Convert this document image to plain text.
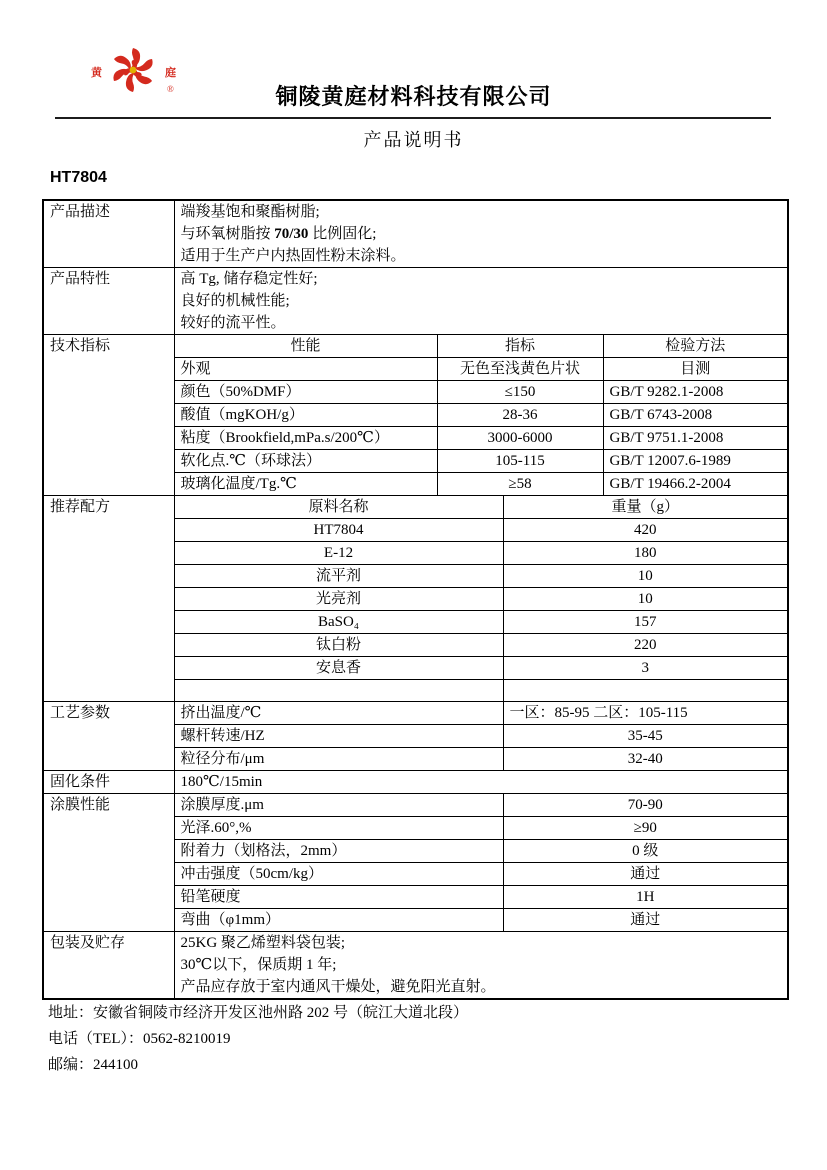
黄	庭
®	铜陵黄庭材料科技有限公司
产品说明书
HT7804
产品描述	端羧基饱和聚酯树脂;
与环氧树脂按 70/30 比例固化;
适用于生产户内热固性粉末涂料。			

产品特性	高 Tg, 储存稳定性好;
良好的机械性能;
较好的流平性。			

技术指标	性能	指标		检验方法
	外观	无色至浅黄色片状		目测
	颜色（50%DMF）	≤150		GB/T 9282.1-2008
	酸值（mgKOH/g）	28-36		GB/T 6743-2008
	粘度（Brookfield,mPa.s/200℃）	3000-6000		GB/T 9751.1-2008
	软化点.℃（环球法）	105-115		GB/T 12007.6-1989
	玻璃化温度/Tg.℃	≥58		GB/T 19466.2-2004
推荐配方	原料名称		重量（g）	
	HT7804		420	
	E-12		180	
	流平剂		10	
	光亮剂		10	
	BaSO₄		157	
	钛白粉		220	
	安息香		3	

工艺参数	挤出温度/℃		一区：85-95 二区：105-115	
	螺杆转速/HZ		35-45	
	粒径分布/μm		32-40	
固化条件	180℃/15min			
涂膜性能	涂膜厚度.μm		70-90	
	光泽.60°,%		≥90	
	附着力（划格法，2mm）		0 级	
	冲击强度（50cm/kg）		通过	
	铅笔硬度		1H	
	弯曲（φ1mm）		通过	
包装及贮存	25KG 聚乙烯塑料袋包装;
30℃以下，保质期 1 年;
产品应存放于室内通风干燥处，避免阳光直射。			
地址：安徽省铜陵市经济开发区池州路 202 号（皖江大道北段）
电话（TEL）：0562-8210019
邮编：244100
